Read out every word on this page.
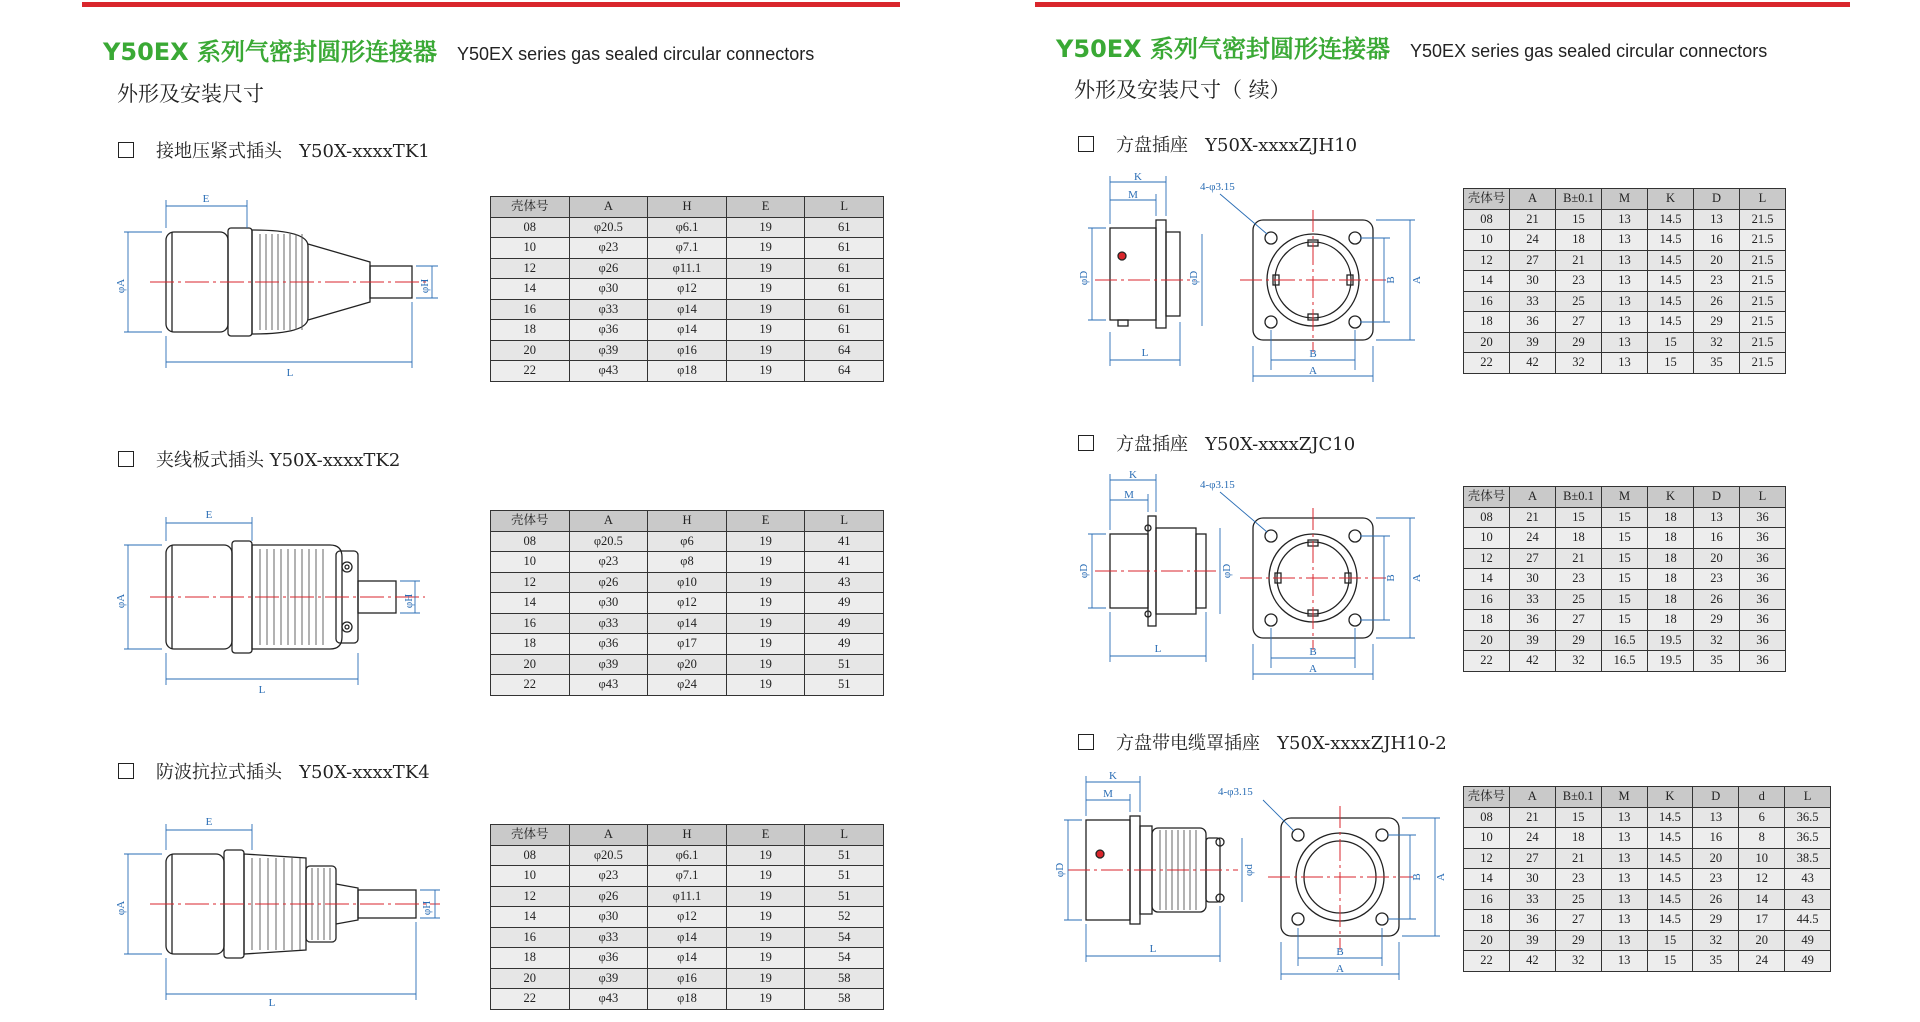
Y50EX 系列气密封圆形连接器 Y50EX series gas sealed circular connectors
外形及安装尺寸
接地压紧式插头   Y50X-xxxxTK1
E
φA	φH
L
壳体号	A	H	E	L
08	φ20.5	φ6.1	19	61
10	φ23	φ7.1	19	61
12	φ26	φ11.1	19	61
14	φ30	φ12	19	61
16	φ33	φ14	19	61
18	φ36	φ14	19	61
20	φ39	φ16	19	64
22	φ43	φ18	19	64
夹线板式插头 Y50X-xxxxTK2
E
φA	φH
L
壳体号	A	H	E	L
08	φ20.5	φ6	19	41
10	φ23	φ8	19	41
12	φ26	φ10	19	43
14	φ30	φ12	19	49
16	φ33	φ14	19	49
18	φ36	φ17	19	49
20	φ39	φ20	19	51
22	φ43	φ24	19	51
防波抗拉式插头   Y50X-xxxxTK4
E
φA	φH
L
壳体号	A	H	E	L
08	φ20.5	φ6.1	19	51
10	φ23	φ7.1	19	51
12	φ26	φ11.1	19	51
14	φ30	φ12	19	52
16	φ33	φ14	19	54
18	φ36	φ14	19	54
20	φ39	φ16	19	58
22	φ43	φ18	19	58
Y50EX 系列气密封圆形连接器 Y50EX series gas sealed circular connectors
外形及安装尺寸（ 续）
方盘插座   Y50X-xxxxZJH10
K
M
φD	φD
L
4-φ3.15
B A
B
A
壳体号	A	B±0.1	M	K	D	L
08	21	15	13	14.5	13	21.5
10	24	18	13	14.5	16	21.5
12	27	21	13	14.5	20	21.5
14	30	23	13	14.5	23	21.5
16	33	25	13	14.5	26	21.5
18	36	27	13	14.5	29	21.5
20	39	29	13	15	32	21.5
22	42	32	13	15	35	21.5
方盘插座   Y50X-xxxxZJC10
K
M
φD	φD
L
4-φ3.15
B A
B
A
壳体号	A	B±0.1	M	K	D	L
08	21	15	15	18	13	36
10	24	18	15	18	16	36
12	27	21	15	18	20	36
14	30	23	15	18	23	36
16	33	25	15	18	26	36
18	36	27	15	18	29	36
20	39	29	16.5	19.5	32	36
22	42	32	16.5	19.5	35	36
方盘带电缆罩插座   Y50X-xxxxZJH10-2
K
M
φD	φd
L
4-φ3.15
B A
B
A
壳体号	A	B±0.1	M	K	D	d	L
08	21	15	13	14.5	13	6	36.5
10	24	18	13	14.5	16	8	36.5
12	27	21	13	14.5	20	10	38.5
14	30	23	13	14.5	23	12	43
16	33	25	13	14.5	26	14	43
18	36	27	13	14.5	29	17	44.5
20	39	29	13	15	32	20	49
22	42	32	13	15	35	24	49
